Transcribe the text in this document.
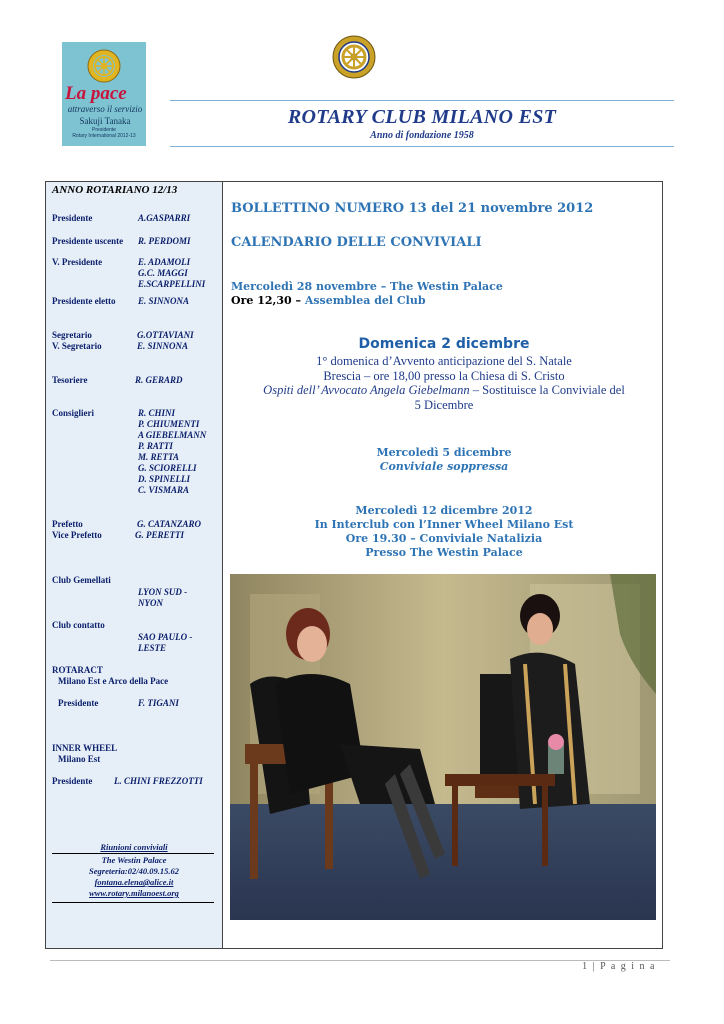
La pace
attraverso il servizio
Sakuji Tanaka
Presidente
Rotary International 2012-13
ROTARY CLUB MILANO EST
Anno di fondazione 1958
ANNO ROTARIANO 12/13
Presidente	A.GASPARRI
Presidente uscente R. PERDOMI
V. Presidente	E. ADAMOLI
G.C. MAGGI
E.SCARPELLINI
Presidente eletto E. SINNONA
Segretario	G.OTTAVIANI
V. Segretario	E. SINNONA
Tesoriere	R. GERARD
Consiglieri	R. CHINI
P. CHIUMENTI
A GIEBELMANN
P. RATTI
M. RETTA
G. SCIORELLI
D. SPINELLI
C. VISMARA
Prefetto	G. CATANZARO
Vice Prefetto	G. PERETTI
Club Gemellati
LYON SUD -
NYON
Club contatto
SAO PAULO -
LESTE
ROTARACT
Milano Est e Arco della Pace
Presidente	F. TIGANI
INNER WHEEL
Milano Est
Presidente L. CHINI FREZZOTTI
Riunioni conviviali
The Westin Palace
Segreteria:02/40.09.15.62
fontana.elena@alice.it
www.rotary.milanoest.org
BOLLETTINO NUMERO 13 del 21 novembre 2012
CALENDARIO DELLE CONVIVIALI
Mercoledì 28 novembre – The Westin Palace
Ore 12,30 – Assemblea del Club
Domenica 2 dicembre
1° domenica d’Avvento anticipazione del S. Natale
Brescia – ore 18,00 presso la Chiesa di S. Cristo
Ospiti dell’ Avvocato Angela Giebelmann – Sostituisce la Conviviale del
5 Dicembre
Mercoledì 5 dicembre
Conviviale soppressa
Mercoledì 12 dicembre 2012
In Interclub con l’Inner Wheel Milano Est
Ore 19.30 – Conviviale Natalizia
Presso The Westin Palace
1 | P a g i n a
